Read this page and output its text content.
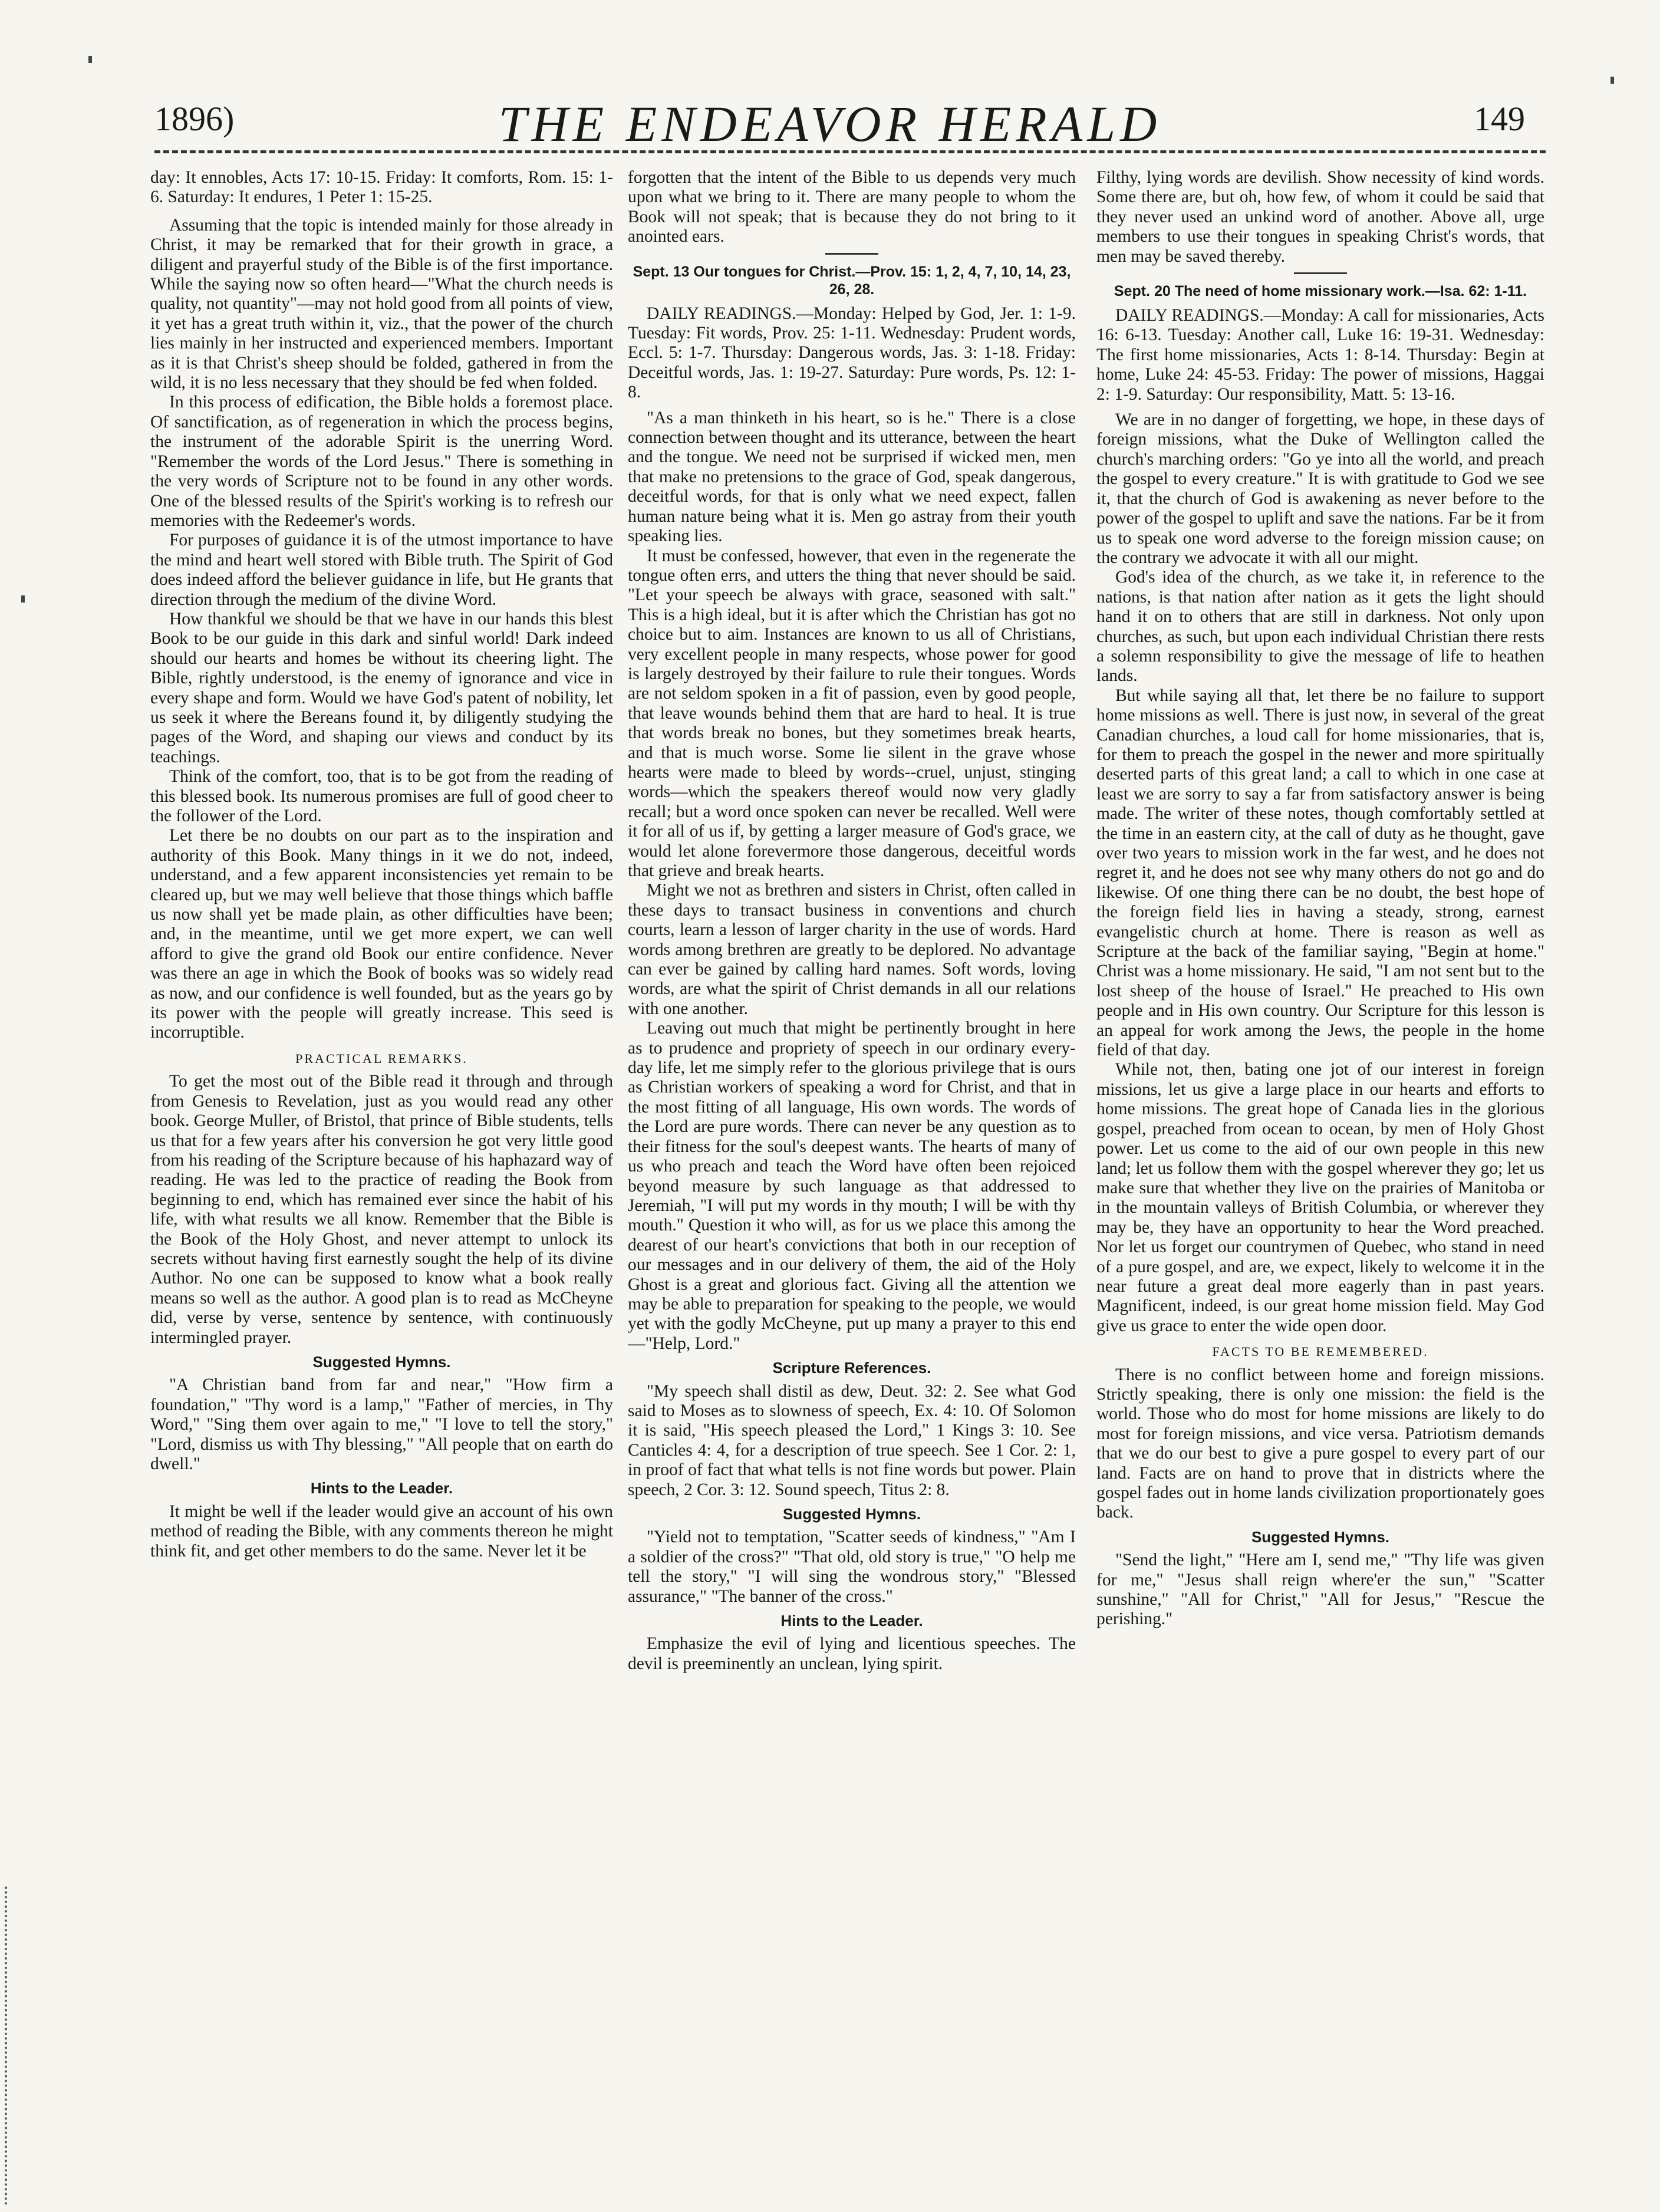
1896)	THE ENDEAVOR HERALD	149

day: It ennobles, Acts 17: 10-15. Friday: It comforts, Rom. 15: 1-6. Saturday: It endures, 1 Peter 1: 15-25.

Assuming that the topic is intended mainly for those already in Christ, it may be remarked that for their growth in grace, a diligent and prayerful study of the Bible is of the first importance. While the saying now so often heard—"What the church needs is quality, not quantity"—may not hold good from all points of view, it yet has a great truth within it, viz., that the power of the church lies mainly in her instructed and experienced members. Important as it is that Christ's sheep should be folded, gathered in from the wild, it is no less necessary that they should be fed when folded.

In this process of edification, the Bible holds a foremost place. Of sanctification, as of regeneration in which the process begins, the instrument of the adorable Spirit is the unerring Word. "Remember the words of the Lord Jesus." There is something in the very words of Scripture not to be found in any other words. One of the blessed results of the Spirit's working is to refresh our memories with the Redeemer's words.

For purposes of guidance it is of the utmost importance to have the mind and heart well stored with Bible truth. The Spirit of God does indeed afford the believer guidance in life, but He grants that direction through the medium of the divine Word.

How thankful we should be that we have in our hands this blest Book to be our guide in this dark and sinful world! Dark indeed should our hearts and homes be without its cheering light. The Bible, rightly understood, is the enemy of ignorance and vice in every shape and form. Would we have God's patent of nobility, let us seek it where the Bereans found it, by diligently studying the pages of the Word, and shaping our views and conduct by its teachings.

Think of the comfort, too, that is to be got from the reading of this blessed book. Its numerous promises are full of good cheer to the follower of the Lord.

Let there be no doubts on our part as to the inspiration and authority of this Book. Many things in it we do not, indeed, understand, and a few apparent inconsistencies yet remain to be cleared up, but we may well believe that those things which baffle us now shall yet be made plain, as other difficulties have been; and, in the meantime, until we get more expert, we can well afford to give the grand old Book our entire confidence. Never was there an age in which the Book of books was so widely read as now, and our confidence is well founded, but as the years go by its power with the people will greatly increase. This seed is incorruptible.

PRACTICAL REMARKS.

To get the most out of the Bible read it through and through from Genesis to Revelation, just as you would read any other book. George Muller, of Bristol, that prince of Bible students, tells us that for a few years after his conversion he got very little good from his reading of the Scripture because of his haphazard way of reading. He was led to the practice of reading the Book from beginning to end, which has remained ever since the habit of his life, with what results we all know. Remember that the Bible is the Book of the Holy Ghost, and never attempt to unlock its secrets without having first earnestly sought the help of its divine Author. No one can be supposed to know what a book really means so well as the author. A good plan is to read as McCheyne did, verse by verse, sentence by sentence, with continuously intermingled prayer.

Suggested Hymns.

"A Christian band from far and near," "How firm a foundation," "Thy word is a lamp," "Father of mercies, in Thy Word," "Sing them over again to me," "I love to tell the story," "Lord, dismiss us with Thy blessing," "All people that on earth do dwell."

Hints to the Leader.

It might be well if the leader would give an account of his own method of reading the Bible, with any comments thereon he might think fit, and get other members to do the same. Never let it be

forgotten that the intent of the Bible to us depends very much upon what we bring to it. There are many people to whom the Book will not speak; that is because they do not bring to it anointed ears.

Sept. 13 Our tongues for Christ.—Prov. 15: 1, 2, 4, 7, 10, 14, 23, 26, 28.

DAILY READINGS.—Monday: Helped by God, Jer. 1: 1-9. Tuesday: Fit words, Prov. 25: 1-11. Wednesday: Prudent words, Eccl. 5: 1-7. Thursday: Dangerous words, Jas. 3: 1-18. Friday: Deceitful words, Jas. 1: 19-27. Saturday: Pure words, Ps. 12: 1-8.

"As a man thinketh in his heart, so is he." There is a close connection between thought and its utterance, between the heart and the tongue. We need not be surprised if wicked men, men that make no pretensions to the grace of God, speak dangerous, deceitful words, for that is only what we need expect, fallen human nature being what it is. Men go astray from their youth speaking lies.

It must be confessed, however, that even in the regenerate the tongue often errs, and utters the thing that never should be said. "Let your speech be always with grace, seasoned with salt." This is a high ideal, but it is after which the Christian has got no choice but to aim. Instances are known to us all of Christians, very excellent people in many respects, whose power for good is largely destroyed by their failure to rule their tongues. Words are not seldom spoken in a fit of passion, even by good people, that leave wounds behind them that are hard to heal. It is true that words break no bones, but they sometimes break hearts, and that is much worse. Some lie silent in the grave whose hearts were made to bleed by words--cruel, unjust, stinging words—which the speakers thereof would now very gladly recall; but a word once spoken can never be recalled. Well were it for all of us if, by getting a larger measure of God's grace, we would let alone forevermore those dangerous, deceitful words that grieve and break hearts.

Might we not as brethren and sisters in Christ, often called in these days to transact business in conventions and church courts, learn a lesson of larger charity in the use of words. Hard words among brethren are greatly to be deplored. No advantage can ever be gained by calling hard names. Soft words, loving words, are what the spirit of Christ demands in all our relations with one another.

Leaving out much that might be pertinently brought in here as to prudence and propriety of speech in our ordinary every-day life, let me simply refer to the glorious privilege that is ours as Christian workers of speaking a word for Christ, and that in the most fitting of all language, His own words. The words of the Lord are pure words. There can never be any question as to their fitness for the soul's deepest wants. The hearts of many of us who preach and teach the Word have often been rejoiced beyond measure by such language as that addressed to Jeremiah, "I will put my words in thy mouth; I will be with thy mouth." Question it who will, as for us we place this among the dearest of our heart's convictions that both in our reception of our messages and in our delivery of them, the aid of the Holy Ghost is a great and glorious fact. Giving all the attention we may be able to preparation for speaking to the people, we would yet with the godly McCheyne, put up many a prayer to this end—"Help, Lord."

Scripture References.

"My speech shall distil as dew, Deut. 32: 2. See what God said to Moses as to slowness of speech, Ex. 4: 10. Of Solomon it is said, "His speech pleased the Lord," 1 Kings 3: 10. See Canticles 4: 4, for a description of true speech. See 1 Cor. 2: 1, in proof of fact that what tells is not fine words but power. Plain speech, 2 Cor. 3: 12. Sound speech, Titus 2: 8.

Suggested Hymns.

"Yield not to temptation, "Scatter seeds of kindness," "Am I a soldier of the cross?" "That old, old story is true," "O help me tell the story," "I will sing the wondrous story," "Blessed assurance," "The banner of the cross."

Hints to the Leader.

Emphasize the evil of lying and licentious speeches. The devil is preeminently an unclean, lying spirit.

Filthy, lying words are devilish. Show necessity of kind words. Some there are, but oh, how few, of whom it could be said that they never used an unkind word of another. Above all, urge members to use their tongues in speaking Christ's words, that men may be saved thereby.

Sept. 20 The need of home missionary work.—Isa. 62: 1-11.

DAILY READINGS.—Monday: A call for missionaries, Acts 16: 6-13. Tuesday: Another call, Luke 16: 19-31. Wednesday: The first home missionaries, Acts 1: 8-14. Thursday: Begin at home, Luke 24: 45-53. Friday: The power of missions, Haggai 2: 1-9. Saturday: Our responsibility, Matt. 5: 13-16.

We are in no danger of forgetting, we hope, in these days of foreign missions, what the Duke of Wellington called the church's marching orders: "Go ye into all the world, and preach the gospel to every creature." It is with gratitude to God we see it, that the church of God is awakening as never before to the power of the gospel to uplift and save the nations. Far be it from us to speak one word adverse to the foreign mission cause; on the contrary we advocate it with all our might.

God's idea of the church, as we take it, in reference to the nations, is that nation after nation as it gets the light should hand it on to others that are still in darkness. Not only upon churches, as such, but upon each individual Christian there rests a solemn responsibility to give the message of life to heathen lands.

But while saying all that, let there be no failure to support home missions as well. There is just now, in several of the great Canadian churches, a loud call for home missionaries, that is, for them to preach the gospel in the newer and more spiritually deserted parts of this great land; a call to which in one case at least we are sorry to say a far from satisfactory answer is being made. The writer of these notes, though comfortably settled at the time in an eastern city, at the call of duty as he thought, gave over two years to mission work in the far west, and he does not regret it, and he does not see why many others do not go and do likewise. Of one thing there can be no doubt, the best hope of the foreign field lies in having a steady, strong, earnest evangelistic church at home. There is reason as well as Scripture at the back of the familiar saying, "Begin at home." Christ was a home missionary. He said, "I am not sent but to the lost sheep of the house of Israel." He preached to His own people and in His own country. Our Scripture for this lesson is an appeal for work among the Jews, the people in the home field of that day.

While not, then, bating one jot of our interest in foreign missions, let us give a large place in our hearts and efforts to home missions. The great hope of Canada lies in the glorious gospel, preached from ocean to ocean, by men of Holy Ghost power. Let us come to the aid of our own people in this new land; let us follow them with the gospel wherever they go; let us make sure that whether they live on the prairies of Manitoba or in the mountain valleys of British Columbia, or wherever they may be, they have an opportunity to hear the Word preached. Nor let us forget our countrymen of Quebec, who stand in need of a pure gospel, and are, we expect, likely to welcome it in the near future a great deal more eagerly than in past years. Magnificent, indeed, is our great home mission field. May God give us grace to enter the wide open door.

FACTS TO BE REMEMBERED.

There is no conflict between home and foreign missions. Strictly speaking, there is only one mission: the field is the world. Those who do most for home missions are likely to do most for foreign missions, and vice versa. Patriotism demands that we do our best to give a pure gospel to every part of our land. Facts are on hand to prove that in districts where the gospel fades out in home lands civilization proportionately goes back.

Suggested Hymns.

"Send the light," "Here am I, send me," "Thy life was given for me," "Jesus shall reign where'er the sun," "Scatter sunshine," "All for Christ," "All for Jesus," "Rescue the perishing."
